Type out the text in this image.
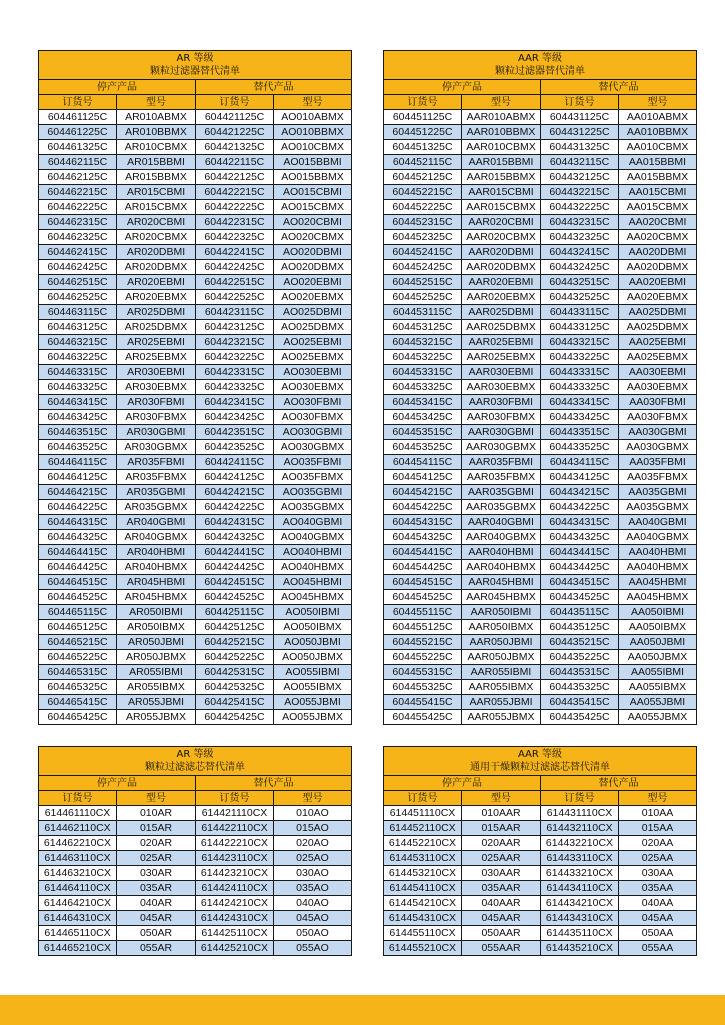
AR 等级
颗粒过滤器替代清单			

停产产品		替代产品	
订货号	型号	订货号	型号
604461125C	AR010ABMX	604421125C	AO010ABMX
604461225C	AR010BBMX	604421225C	AO010BBMX
604461325C	AR010CBMX	604421325C	AO010CBMX
604462115C	AR015BBMI	604422115C	AO015BBMI
604462125C	AR015BBMX	604422125C	AO015BBMX
604462215C	AR015CBMI	604422215C	AO015CBMI
604462225C	AR015CBMX	604422225C	AO015CBMX
604462315C	AR020CBMI	604422315C	AO020CBMI
604462325C	AR020CBMX	604422325C	AO020CBMX
604462415C	AR020DBMI	604422415C	AO020DBMI
604462425C	AR020DBMX	604422425C	AO020DBMX
604462515C	AR020EBMI	604422515C	AO020EBMI
604462525C	AR020EBMX	604422525C	AO020EBMX
604463115C	AR025DBMI	604423115C	AO025DBMI
604463125C	AR025DBMX	604423125C	AO025DBMX
604463215C	AR025EBMI	604423215C	AO025EBMI
604463225C	AR025EBMX	604423225C	AO025EBMX
604463315C	AR030EBMI	604423315C	AO030EBMI
604463325C	AR030EBMX	604423325C	AO030EBMX
604463415C	AR030FBMI	604423415C	AO030FBMI
604463425C	AR030FBMX	604423425C	AO030FBMX
604463515C	AR030GBMI	604423515C	AO030GBMI
604463525C	AR030GBMX	604423525C	AO030GBMX
604464115C	AR035FBMI	604424115C	AO035FBMI
604464125C	AR035FBMX	604424125C	AO035FBMX
604464215C	AR035GBMI	604424215C	AO035GBMI
604464225C	AR035GBMX	604424225C	AO035GBMX
604464315C	AR040GBMI	604424315C	AO040GBMI
604464325C	AR040GBMX	604424325C	AO040GBMX
604464415C	AR040HBMI	604424415C	AO040HBMI
604464425C	AR040HBMX	604424425C	AO040HBMX
604464515C	AR045HBMI	604424515C	AO045HBMI
604464525C	AR045HBMX	604424525C	AO045HBMX
604465115C	AR050IBMI	604425115C	AO050IBMI
604465125C	AR050IBMX	604425125C	AO050IBMX
604465215C	AR050JBMI	604425215C	AO050JBMI
604465225C	AR050JBMX	604425225C	AO050JBMX
604465315C	AR055IBMI	604425315C	AO055IBMI
604465325C	AR055IBMX	604425325C	AO055IBMX
604465415C	AR055JBMI	604425415C	AO055JBMI
604465425C	AR055JBMX	604425425C	AO055JBMX
AAR 等级
颗粒过滤器替代清单			

停产产品		替代产品	
订货号	型号	订货号	型号
604451125C	AAR010ABMX	604431125C	AA010ABMX
604451225C	AAR010BBMX	604431225C	AA010BBMX
604451325C	AAR010CBMX	604431325C	AA010CBMX
604452115C	AAR015BBMI	604432115C	AA015BBMI
604452125C	AAR015BBMX	604432125C	AA015BBMX
604452215C	AAR015CBMI	604432215C	AA015CBMI
604452225C	AAR015CBMX	604432225C	AA015CBMX
604452315C	AAR020CBMI	604432315C	AA020CBMI
604452325C	AAR020CBMX	604432325C	AA020CBMX
604452415C	AAR020DBMI	604432415C	AA020DBMI
604452425C	AAR020DBMX	604432425C	AA020DBMX
604452515C	AAR020EBMI	604432515C	AA020EBMI
604452525C	AAR020EBMX	604432525C	AA020EBMX
604453115C	AAR025DBMI	604433115C	AA025DBMI
604453125C	AAR025DBMX	604433125C	AA025DBMX
604453215C	AAR025EBMI	604433215C	AA025EBMI
604453225C	AAR025EBMX	604433225C	AA025EBMX
604453315C	AAR030EBMI	604433315C	AA030EBMI
604453325C	AAR030EBMX	604433325C	AA030EBMX
604453415C	AAR030FBMI	604433415C	AA030FBMI
604453425C	AAR030FBMX	604433425C	AA030FBMX
604453515C	AAR030GBMI	604433515C	AA030GBMI
604453525C	AAR030GBMX	604433525C	AA030GBMX
604454115C	AAR035FBMI	604434115C	AA035FBMI
604454125C	AAR035FBMX	604434125C	AA035FBMX
604454215C	AAR035GBMI	604434215C	AA035GBMI
604454225C	AAR035GBMX	604434225C	AA035GBMX
604454315C	AAR040GBMI	604434315C	AA040GBMI
604454325C	AAR040GBMX	604434325C	AA040GBMX
604454415C	AAR040HBMI	604434415C	AA040HBMI
604454425C	AAR040HBMX	604434425C	AA040HBMX
604454515C	AAR045HBMI	604434515C	AA045HBMI
604454525C	AAR045HBMX	604434525C	AA045HBMX
604455115C	AAR050IBMI	604435115C	AA050IBMI
604455125C	AAR050IBMX	604435125C	AA050IBMX
604455215C	AAR050JBMI	604435215C	AA050JBMI
604455225C	AAR050JBMX	604435225C	AA050JBMX
604455315C	AAR055IBMI	604435315C	AA055IBMI
604455325C	AAR055IBMX	604435325C	AA055IBMX
604455415C	AAR055JBMI	604435415C	AA055JBMI
604455425C	AAR055JBMX	604435425C	AA055JBMX
AR 等级
颗粒过滤滤芯替代清单			

停产产品		替代产品	
订货号	型号	订货号	型号
614461110CX	010AR	614421110CX	010AO
614462110CX	015AR	614422110CX	015AO
614462210CX	020AR	614422210CX	020AO
614463110CX	025AR	614423110CX	025AO
614463210CX	030AR	614423210CX	030AO
614464110CX	035AR	614424110CX	035AO
614464210CX	040AR	614424210CX	040AO
614464310CX	045AR	614424310CX	045AO
614465110CX	050AR	614425110CX	050AO
614465210CX	055AR	614425210CX	055AO
AAR 等级
通用干燥颗粒过滤滤芯替代清单			

停产产品		替代产品	
订货号	型号	订货号	型号
614451110CX	010AAR	614431110CX	010AA
614452110CX	015AAR	614432110CX	015AA
614452210CX	020AAR	614432210CX	020AA
614453110CX	025AAR	614433110CX	025AA
614453210CX	030AAR	614433210CX	030AA
614454110CX	035AAR	614434110CX	035AA
614454210CX	040AAR	614434210CX	040AA
614454310CX	045AAR	614434310CX	045AA
614455110CX	050AAR	614435110CX	050AA
614455210CX	055AAR	614435210CX	055AA
